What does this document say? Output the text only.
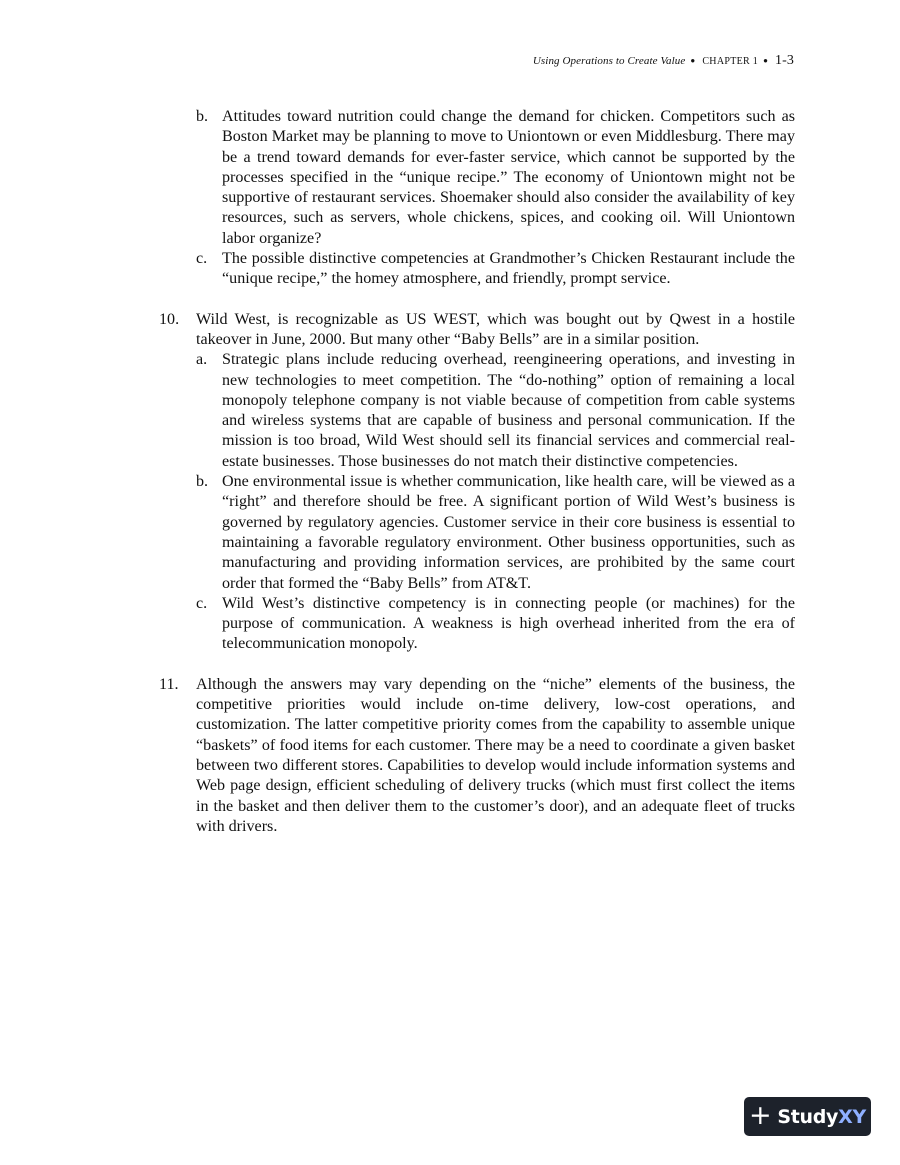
Using Operations to Create Value ● CHAPTER 1 ● 1-3
b. Attitudes toward nutrition could change the demand for chicken. Competitors such as Boston Market may be planning to move to Uniontown or even Middlesburg. There may be a trend toward demands for ever-faster service, which cannot be supported by the processes specified in the “unique recipe.” The economy of Uniontown might not be supportive of restaurant services. Shoemaker should also consider the availability of key resources, such as servers, whole chickens, spices, and cooking oil. Will Uniontown labor organize?
c. The possible distinctive competencies at Grandmother’s Chicken Restaurant include the “unique recipe,” the homey atmosphere, and friendly, prompt service.
10. Wild West, is recognizable as US WEST, which was bought out by Qwest in a hostile takeover in June, 2000. But many other “Baby Bells” are in a similar position.
a. Strategic plans include reducing overhead, reengineering operations, and investing in new technologies to meet competition. The “do-nothing” option of remaining a local monopoly telephone company is not viable because of competition from cable systems and wireless systems that are capable of business and personal communication. If the mission is too broad, Wild West should sell its financial services and commercial real-estate businesses. Those businesses do not match their distinctive competencies.
b. One environmental issue is whether communication, like health care, will be viewed as a “right” and therefore should be free. A significant portion of Wild West’s business is governed by regulatory agencies. Customer service in their core business is essential to maintaining a favorable regulatory environment. Other business opportunities, such as manufacturing and providing information services, are prohibited by the same court order that formed the “Baby Bells” from AT&T.
c. Wild West’s distinctive competency is in connecting people (or machines) for the purpose of communication. A weakness is high overhead inherited from the era of telecommunication monopoly.
11. Although the answers may vary depending on the “niche” elements of the business, the competitive priorities would include on-time delivery, low-cost operations, and customization. The latter competitive priority comes from the capability to assemble unique “baskets” of food items for each customer. There may be a need to coordinate a given basket between two different stores. Capabilities to develop would include information systems and Web page design, efficient scheduling of delivery trucks (which must first collect the items in the basket and then deliver them to the customer’s door), and an adequate fleet of trucks with drivers.
+ StudyXY
